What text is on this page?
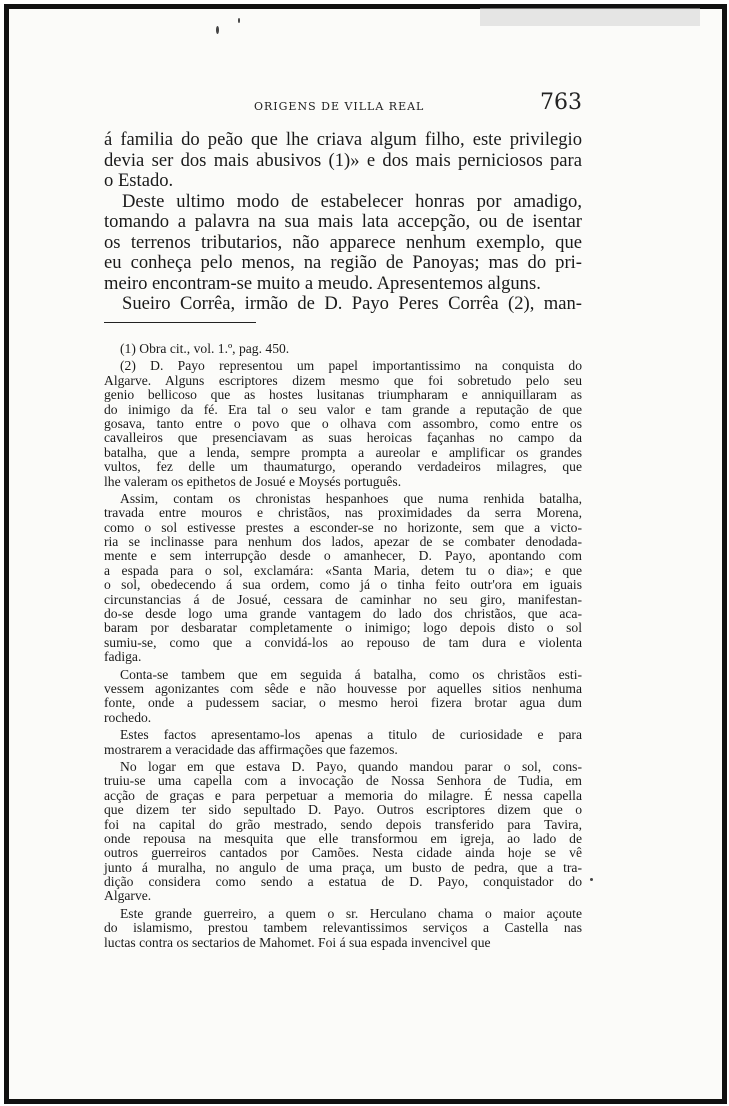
ORIGENS DE VILLA REAL	763
á familia do peão que lhe criava algum filho, este privilegio
devia ser dos mais abusivos (1)» e dos mais perniciosos para
o Estado.
Deste ultimo modo de estabelecer honras por amadigo,
tomando a palavra na sua mais lata accepção, ou de isentar
os terrenos tributarios, não apparece nenhum exemplo, que
eu conheça pelo menos, na região de Panoyas; mas do pri-
meiro encontram-se muito a meudo. Apresentemos alguns.
Sueiro Corrêa, irmão de D. Payo Peres Corrêa (2), man-
(1) Obra cit., vol. 1.º, pag. 450.
(2) D. Payo representou um papel importantissimo na conquista do
Algarve. Alguns escriptores dizem mesmo que foi sobretudo pelo seu
genio bellicoso que as hostes lusitanas triumpharam e anniquillaram as
do inimigo da fé. Era tal o seu valor e tam grande a reputação de que
gosava, tanto entre o povo que o olhava com assombro, como entre os
cavalleiros que presenciavam as suas heroicas façanhas no campo da
batalha, que a lenda, sempre prompta a aureolar e amplificar os grandes
vultos, fez delle um thaumaturgo, operando verdadeiros milagres, que
lhe valeram os epithetos de Josué e Moysés português.
Assim, contam os chronistas hespanhoes que numa renhida batalha,
travada entre mouros e christãos, nas proximidades da serra Morena,
como o sol estivesse prestes a esconder-se no horizonte, sem que a victo-
ria se inclinasse para nenhum dos lados, apezar de se combater denodada-
mente e sem interrupção desde o amanhecer, D. Payo, apontando com
a espada para o sol, exclamára: «Santa Maria, detem tu o dia»; e que
o sol, obedecendo á sua ordem, como já o tinha feito outr'ora em iguais
circunstancias á de Josué, cessara de caminhar no seu giro, manifestan-
do-se desde logo uma grande vantagem do lado dos christãos, que aca-
baram por desbaratar completamente o inimigo; logo depois disto o sol
sumiu-se, como que a convidá-los ao repouso de tam dura e violenta
fadiga.
Conta-se tambem que em seguida á batalha, como os christãos esti-
vessem agonizantes com sêde e não houvesse por aquelles sitios nenhuma
fonte, onde a pudessem saciar, o mesmo heroi fizera brotar agua dum
rochedo.
Estes factos apresentamo-los apenas a titulo de curiosidade e para
mostrarem a veracidade das affirmações que fazemos.
No logar em que estava D. Payo, quando mandou parar o sol, cons-
truiu-se uma capella com a invocação de Nossa Senhora de Tudia, em
acção de graças e para perpetuar a memoria do milagre. É nessa capella
que dizem ter sido sepultado D. Payo. Outros escriptores dizem que o
foi na capital do grão mestrado, sendo depois transferido para Tavira,
onde repousa na mesquita que elle transformou em igreja, ao lado de
outros guerreiros cantados por Camões. Nesta cidade ainda hoje se vê
junto á muralha, no angulo de uma praça, um busto de pedra, que a tra-
dição considera como sendo a estatua de D. Payo, conquistador do
Algarve.
Este grande guerreiro, a quem o sr. Herculano chama o maior açoute
do islamismo, prestou tambem relevantissimos serviços a Castella nas
luctas contra os sectarios de Mahomet. Foi á sua espada invencivel que
